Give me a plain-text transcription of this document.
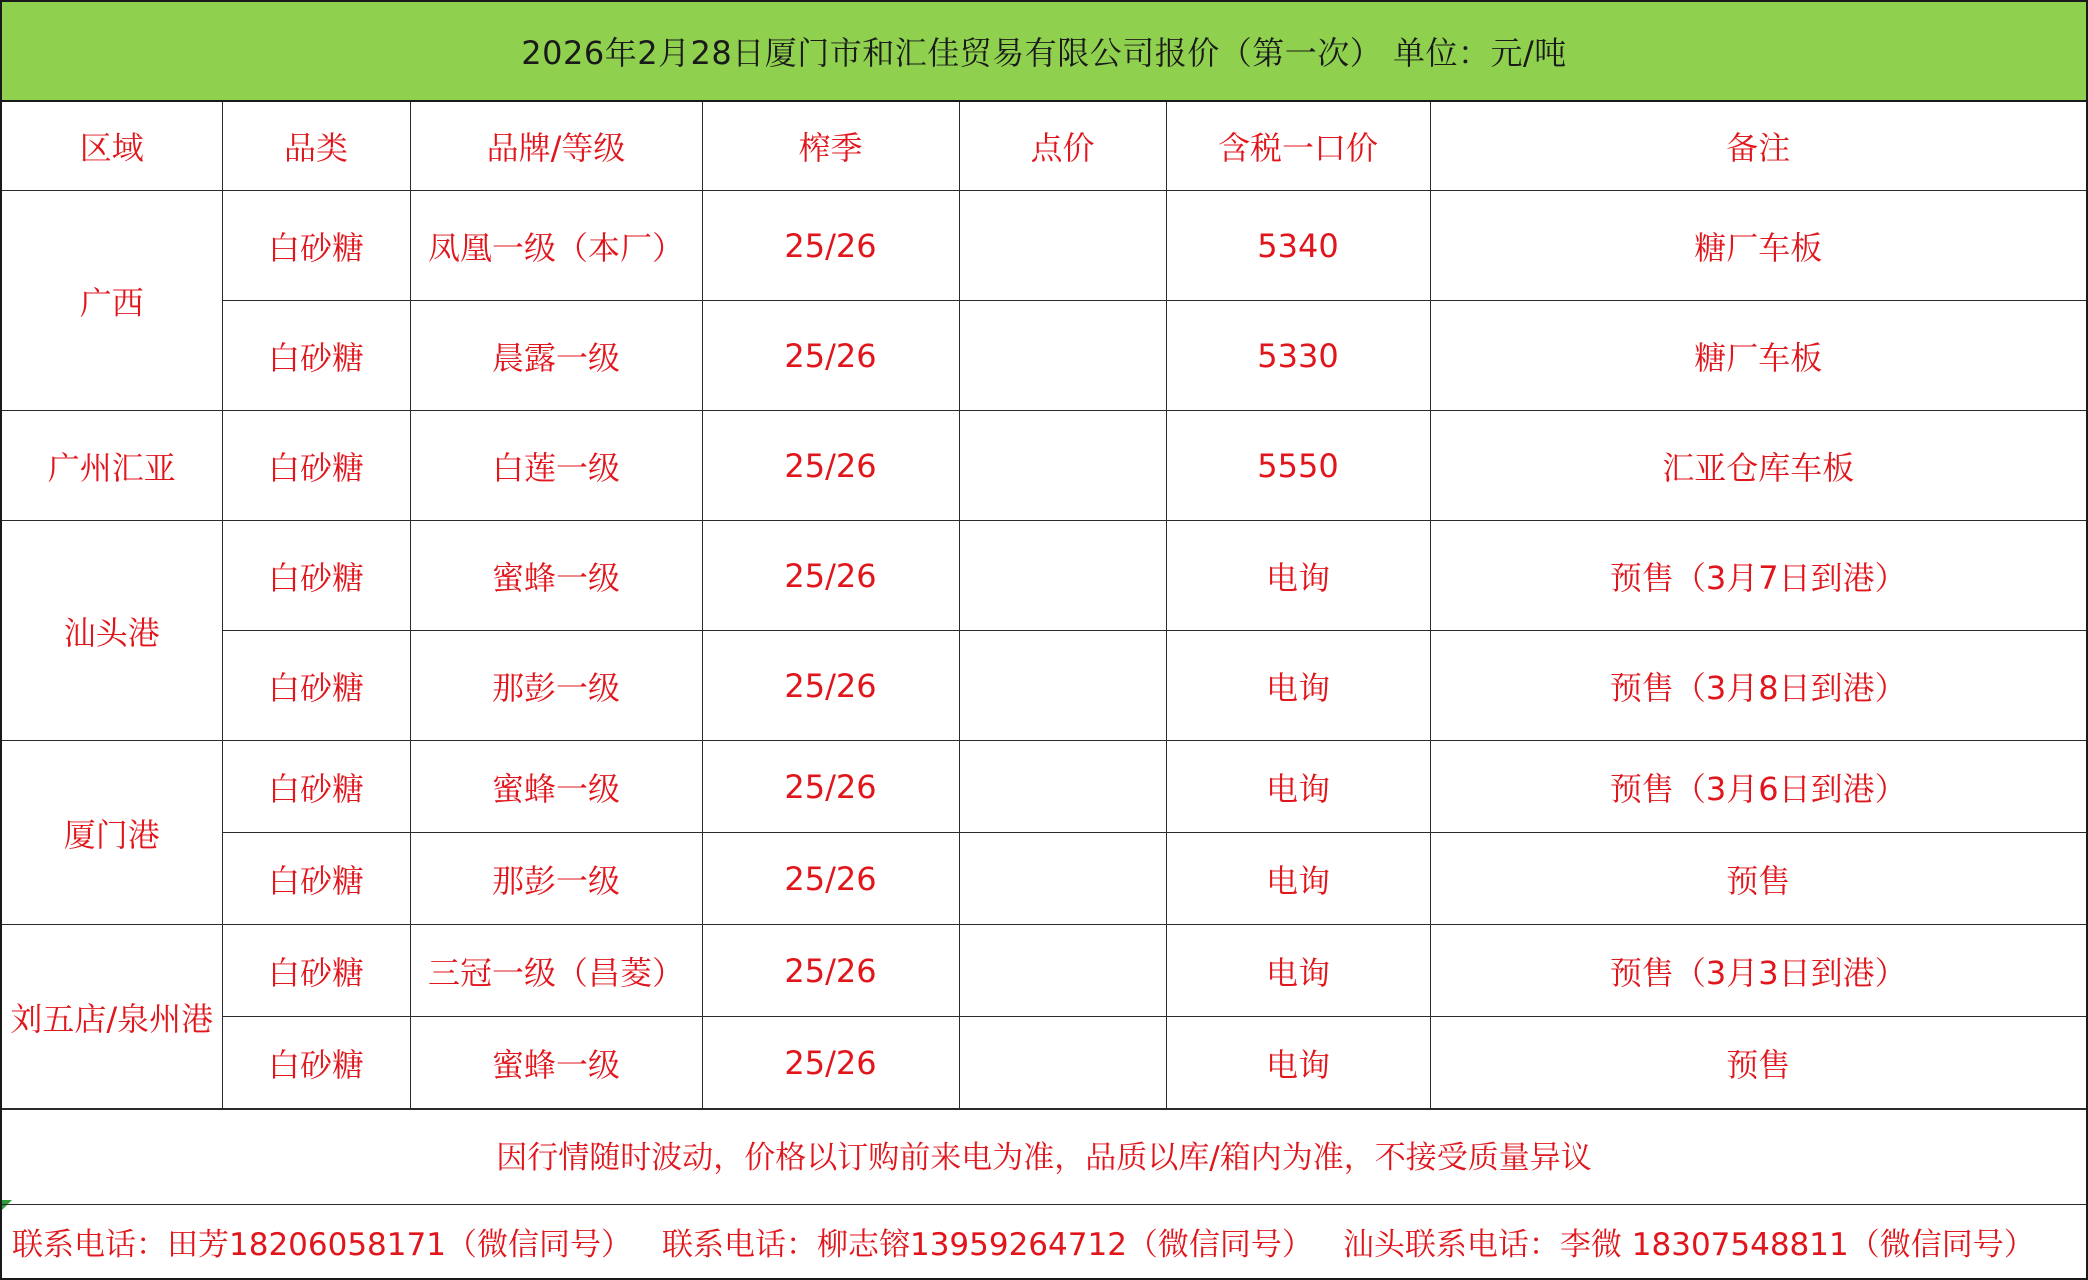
2026年2月28日厦门市和汇佳贸易有限公司报价（第一次） 单位：元/吨
区域	品类	品牌/等级	榨季	点价	含税一口价	备注
广西	白砂糖	凤凰一级（本厂）	25/26		5340	糖厂车板
	白砂糖	晨露一级	25/26		5330	糖厂车板
广州汇亚	白砂糖	白莲一级	25/26		5550	汇亚仓库车板
汕头港	白砂糖	蜜蜂一级	25/26		电询	预售（3月7日到港）
	白砂糖	那彭一级	25/26		电询	预售（3月8日到港）
厦门港	白砂糖	蜜蜂一级	25/26		电询	预售（3月6日到港）
	白砂糖	那彭一级	25/26		电询	预售
刘五店/泉州港	白砂糖	三冠一级（昌菱）	25/26		电询	预售（3月3日到港）
	白砂糖	蜜蜂一级	25/26		电询	预售
因行情随时波动，价格以订购前来电为准，品质以库/箱内为准，不接受质量异议
联系电话：田芳18206058171（微信同号） 联系电话：柳志镕13959264712（微信同号） 汕头联系电话：李微 18307548811（微信同号）
